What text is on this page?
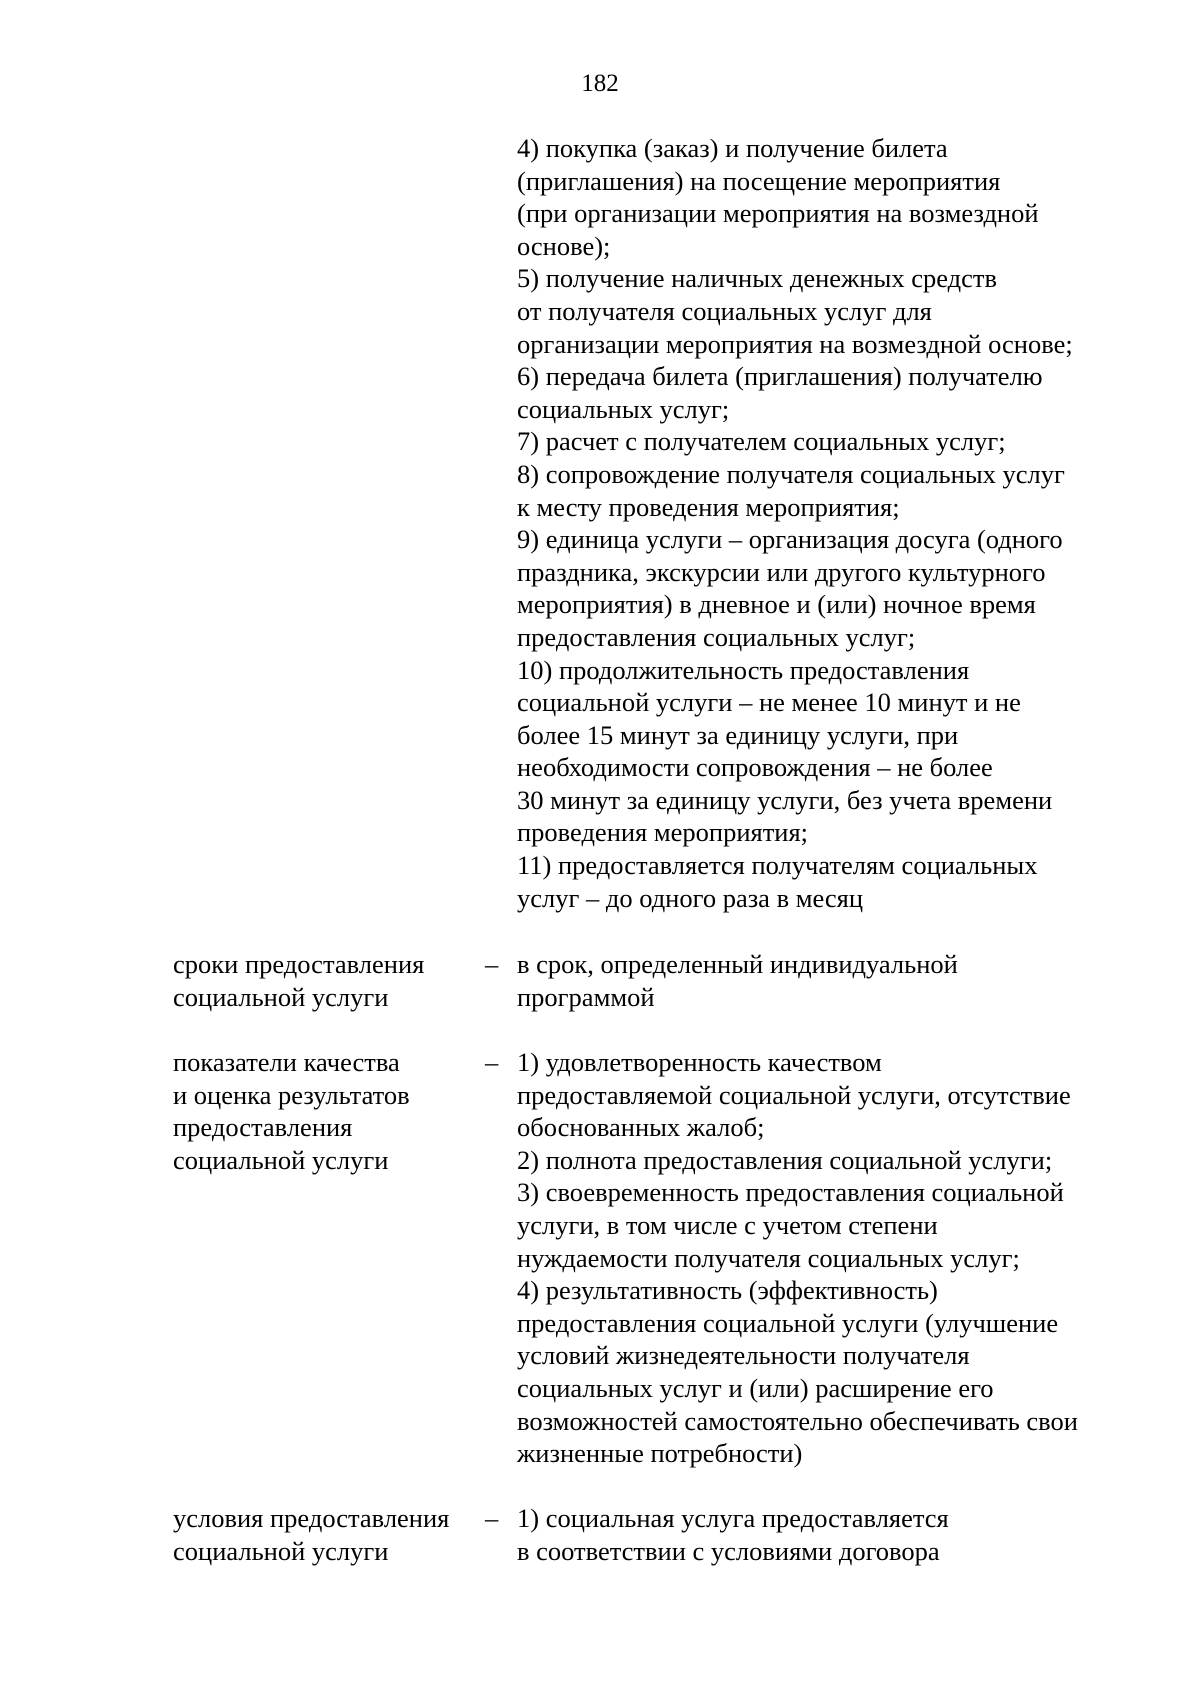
182
4) покупка (заказ) и получение билета
(приглашения) на посещение мероприятия
(при организации мероприятия на возмездной
основе);
5) получение наличных денежных средств
от получателя социальных услуг для
организации мероприятия на возмездной основе;
6) передача билета (приглашения) получателю
социальных услуг;
7) расчет с получателем социальных услуг;
8) сопровождение получателя социальных услуг
к месту проведения мероприятия;
9) единица услуги – организация досуга (одного
праздника, экскурсии или другого культурного
мероприятия) в дневное и (или) ночное время
предоставления социальных услуг;
10) продолжительность предоставления
социальной услуги – не менее 10 минут и не
более 15 минут за единицу услуги, при
необходимости сопровождения – не более
30 минут за единицу услуги, без учета времени
проведения мероприятия;
11) предоставляется получателям социальных
услуг – до одного раза в месяц
сроки предоставления
социальной услуги
– в срок, определенный индивидуальной
программой
показатели качества
и оценка результатов
предоставления
социальной услуги
– 1) удовлетворенность качеством
предоставляемой социальной услуги, отсутствие
обоснованных жалоб;
2) полнота предоставления социальной услуги;
3) своевременность предоставления социальной
услуги, в том числе с учетом степени
нуждаемости получателя социальных услуг;
4) результативность (эффективность)
предоставления социальной услуги (улучшение
условий жизнедеятельности получателя
социальных услуг и (или) расширение его
возможностей самостоятельно обеспечивать свои
жизненные потребности)
условия предоставления
социальной услуги
– 1) социальная услуга предоставляется
в соответствии с условиями договора
